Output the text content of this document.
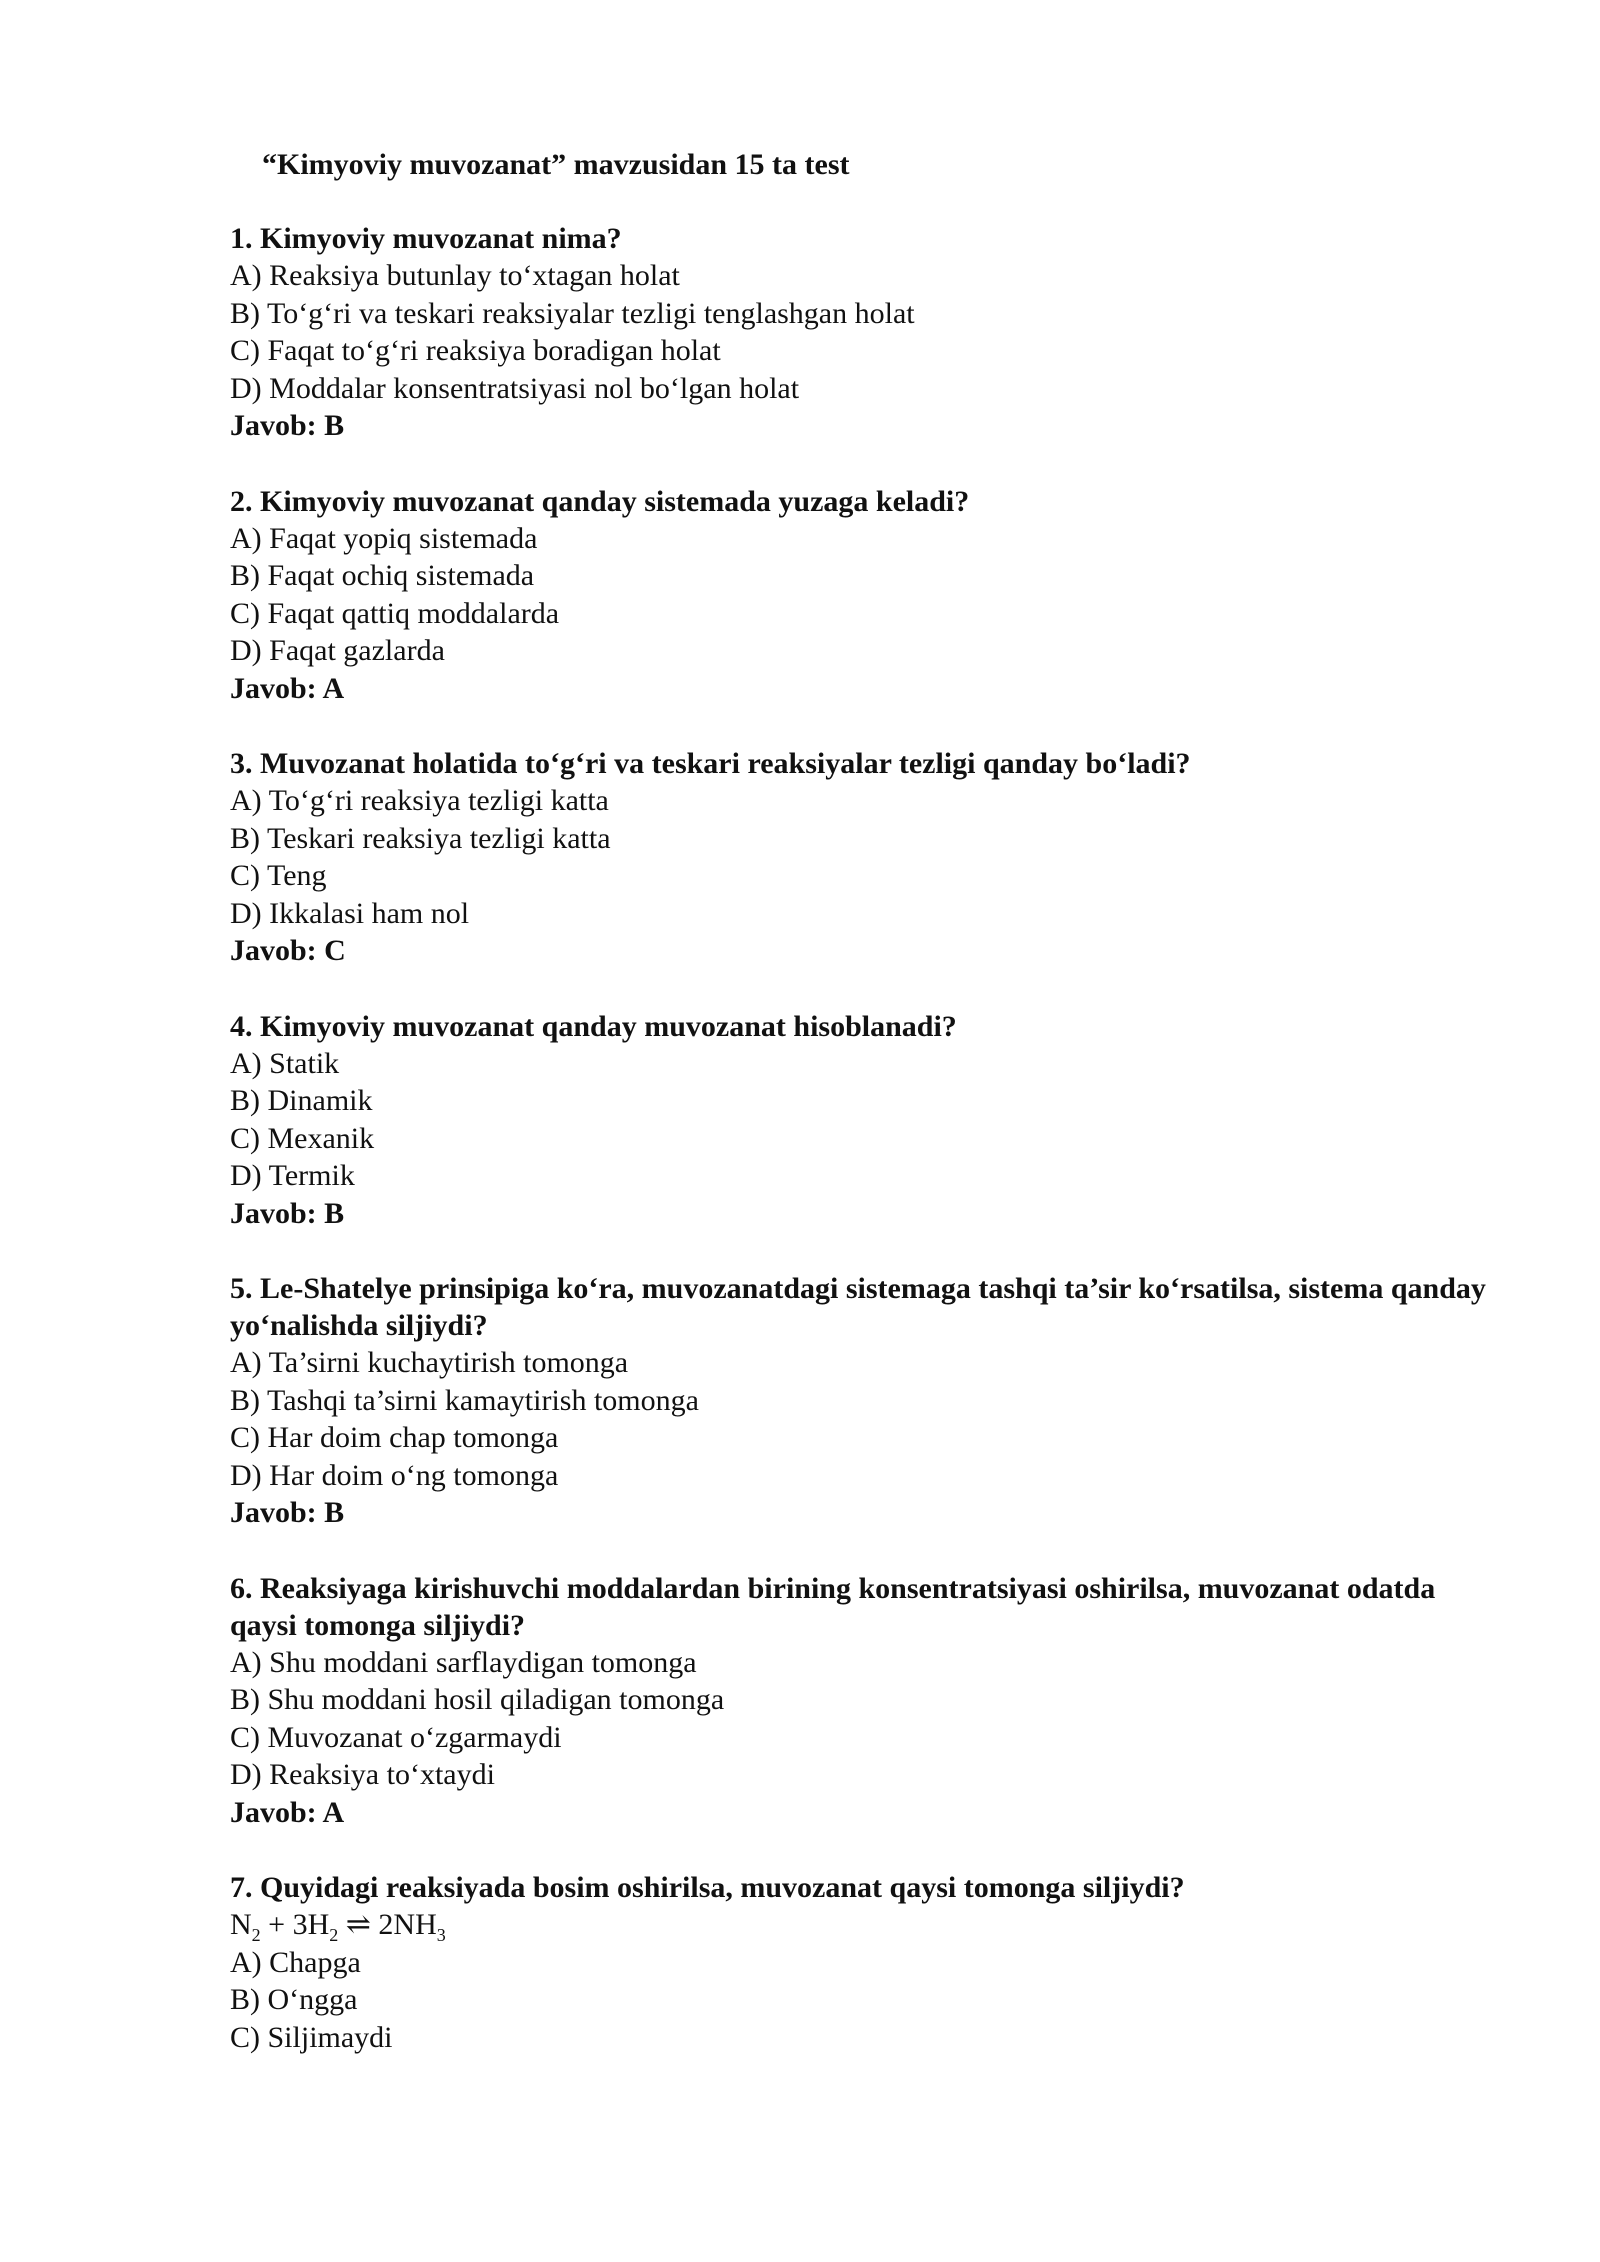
“Kimyoviy muvozanat” mavzusidan 15 ta test

1. Kimyoviy muvozanat nima?

A) Reaksiya butunlay to‘xtagan holat

B) To‘g‘ri va teskari reaksiyalar tezligi tenglashgan holat

C) Faqat to‘g‘ri reaksiya boradigan holat

D) Moddalar konsentratsiyasi nol bo‘lgan holat

Javob: B

2. Kimyoviy muvozanat qanday sistemada yuzaga keladi?

A) Faqat yopiq sistemada

B) Faqat ochiq sistemada

C) Faqat qattiq moddalarda

D) Faqat gazlarda

Javob: A

3. Muvozanat holatida to‘g‘ri va teskari reaksiyalar tezligi qanday bo‘ladi?

A) To‘g‘ri reaksiya tezligi katta

B) Teskari reaksiya tezligi katta

C) Teng

D) Ikkalasi ham nol

Javob: C

4. Kimyoviy muvozanat qanday muvozanat hisoblanadi?

A) Statik

B) Dinamik

C) Mexanik

D) Termik

Javob: B

5. Le-Shatelye prinsipiga ko‘ra, muvozanatdagi sistemaga tashqi ta’sir ko‘rsatilsa, sistema qanday yo‘nalishda siljiydi?

A) Ta’sirni kuchaytirish tomonga

B) Tashqi ta’sirni kamaytirish tomonga

C) Har doim chap tomonga

D) Har doim o‘ng tomonga

Javob: B

6. Reaksiyaga kirishuvchi moddalardan birining konsentratsiyasi oshirilsa, muvozanat odatda qaysi tomonga siljiydi?

A) Shu moddani sarflaydigan tomonga

B) Shu moddani hosil qiladigan tomonga

C) Muvozanat o‘zgarmaydi

D) Reaksiya to‘xtaydi

Javob: A

7. Quyidagi reaksiyada bosim oshirilsa, muvozanat qaysi tomonga siljiydi?

$N_2 + 3H_2$ ⇌ $2NH_3$

A) Chapga

B) O‘ngga

C) Siljimaydi
